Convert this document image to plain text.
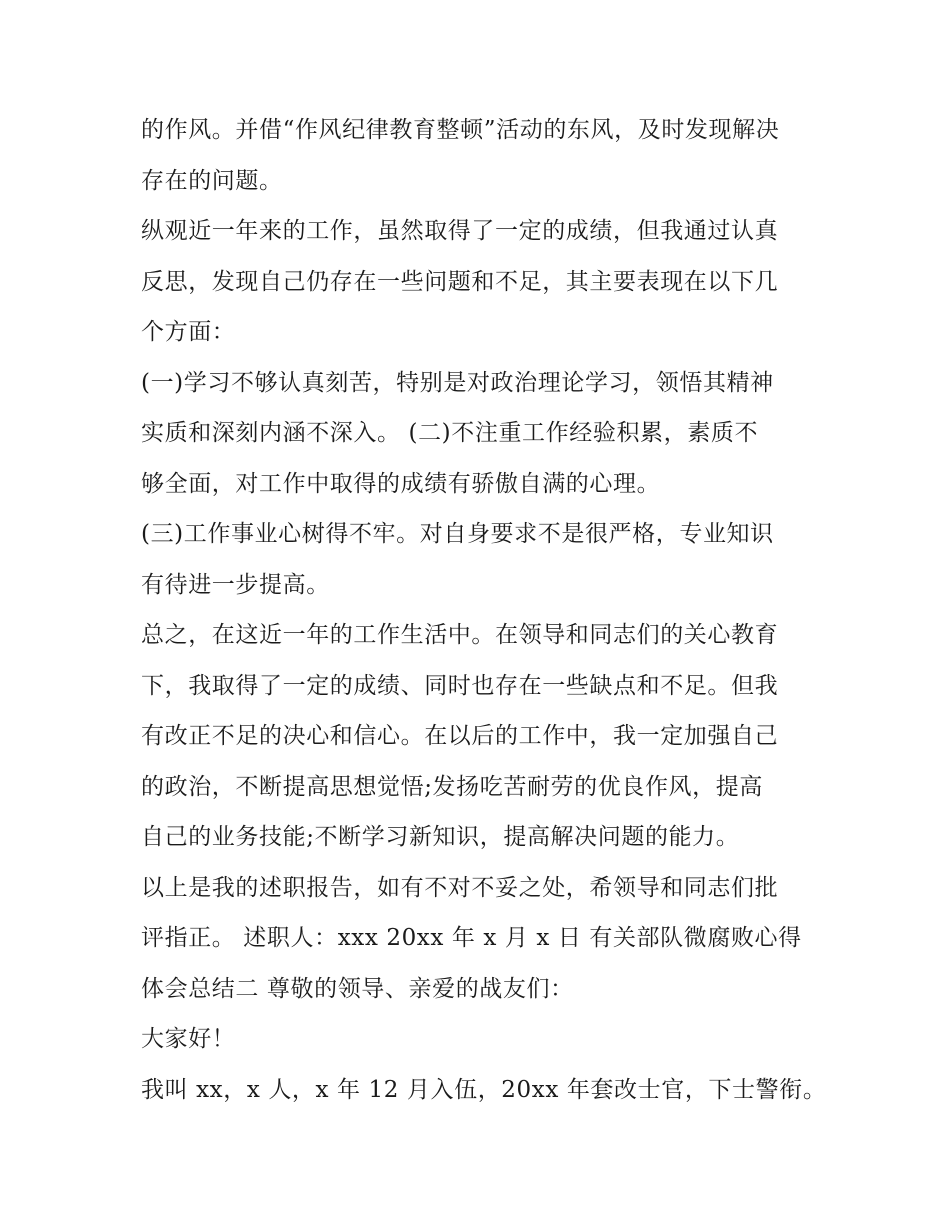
的作风。并借“作风纪律教育整顿”活动的东风，及时发现解决
存在的问题。
纵观近一年来的工作，虽然取得了一定的成绩，但我通过认真
反思，发现自己仍存在一些问题和不足，其主要表现在以下几
个方面：
(一)学习不够认真刻苦，特别是对政治理论学习，领悟其精神
实质和深刻内涵不深入。 (二)不注重工作经验积累，素质不
够全面，对工作中取得的成绩有骄傲自满的心理。
(三)工作事业心树得不牢。对自身要求不是很严格，专业知识
有待进一步提高。
总之，在这近一年的工作生活中。在领导和同志们的关心教育
下，我取得了一定的成绩、同时也存在一些缺点和不足。但我
有改正不足的决心和信心。在以后的工作中，我一定加强自己
的政治，不断提高思想觉悟;发扬吃苦耐劳的优良作风，提高
自己的业务技能;不断学习新知识，提高解决问题的能力。
以上是我的述职报告，如有不对不妥之处，希领导和同志们批
评指正。 述职人：xxx 20xx 年 x 月 x 日 有关部队微腐败心得
体会总结二 尊敬的领导、亲爱的战友们：
大家好！
我叫 xx，x 人，x 年 12 月入伍，20xx 年套改士官，下士警衔。
